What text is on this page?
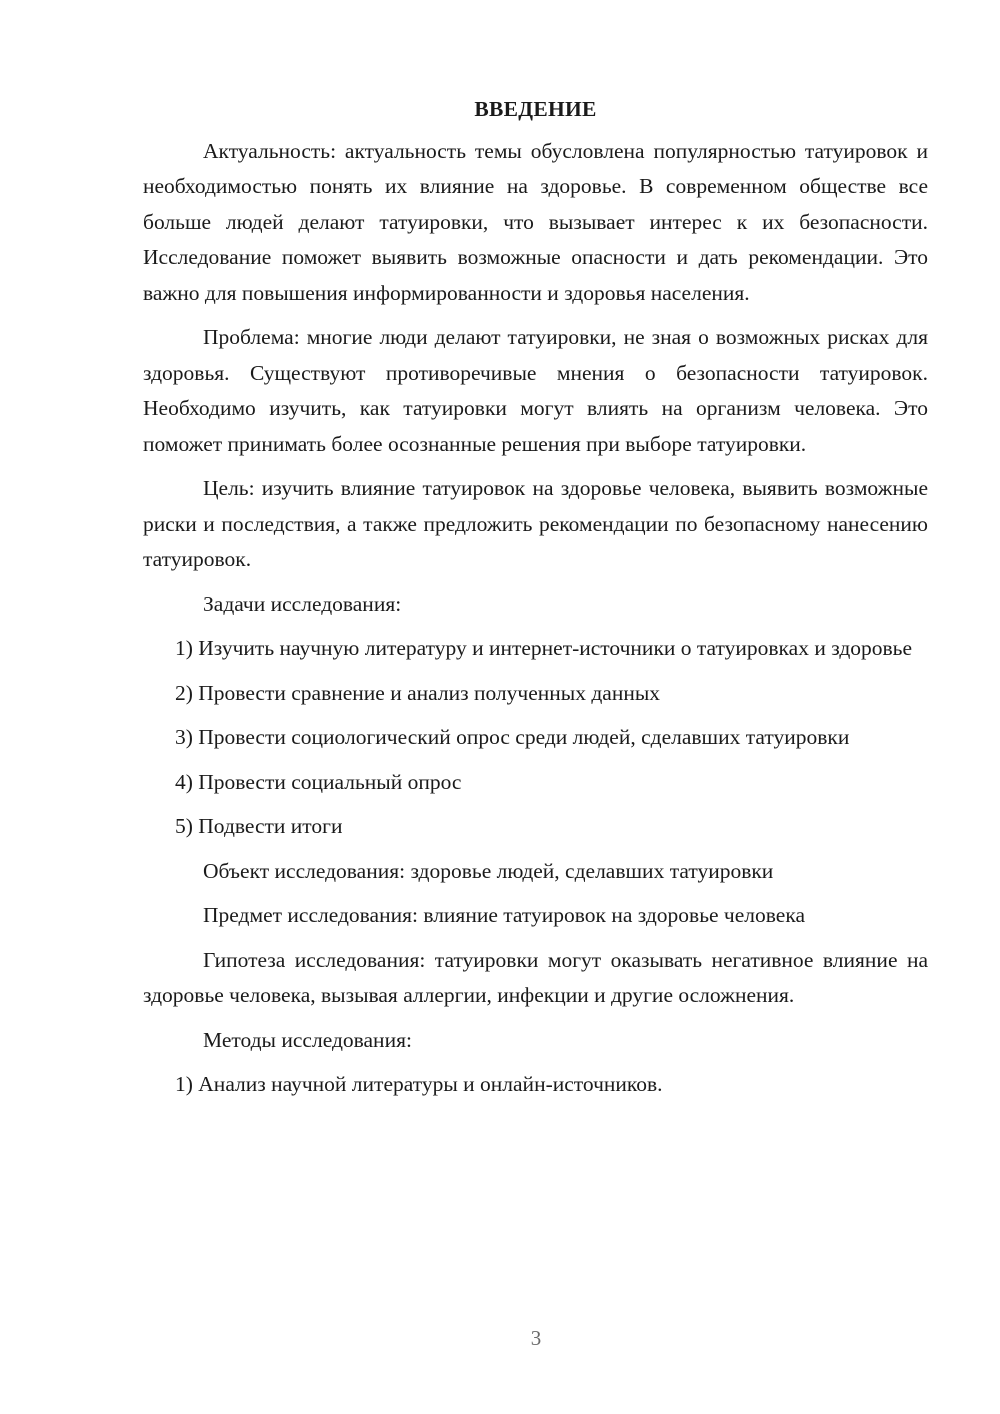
ВВЕДЕНИЕ

Актуальность: актуальность темы обусловлена популярностью татуировок и необходимостью понять их влияние на здоровье. В современном обществе все больше людей делают татуировки, что вызывает интерес к их безопасности. Исследование поможет выявить возможные опасности и дать рекомендации. Это важно для повышения информированности и здоровья населения.

Проблема: многие люди делают татуировки, не зная о возможных рисках для здоровья. Существуют противоречивые мнения о безопасности татуировок. Необходимо изучить, как татуировки могут влиять на организм человека. Это поможет принимать более осознанные решения при выборе татуировки.

Цель: изучить влияние татуировок на здоровье человека, выявить возможные риски и последствия, а также предложить рекомендации по безопасному нанесению татуировок.

Задачи исследования:

1) Изучить научную литературу и интернет-источники о татуировках и здоровье

2) Провести сравнение и анализ полученных данных

3) Провести социологический опрос среди людей, сделавших татуировки

4) Провести социальный опрос

5) Подвести итоги

Объект исследования: здоровье людей, сделавших татуировки

Предмет исследования: влияние татуировок на здоровье человека

Гипотеза исследования: татуировки могут оказывать негативное влияние на здоровье человека, вызывая аллергии, инфекции и другие осложнения.

Методы исследования:

1) Анализ научной литературы и онлайн-источников.

3
